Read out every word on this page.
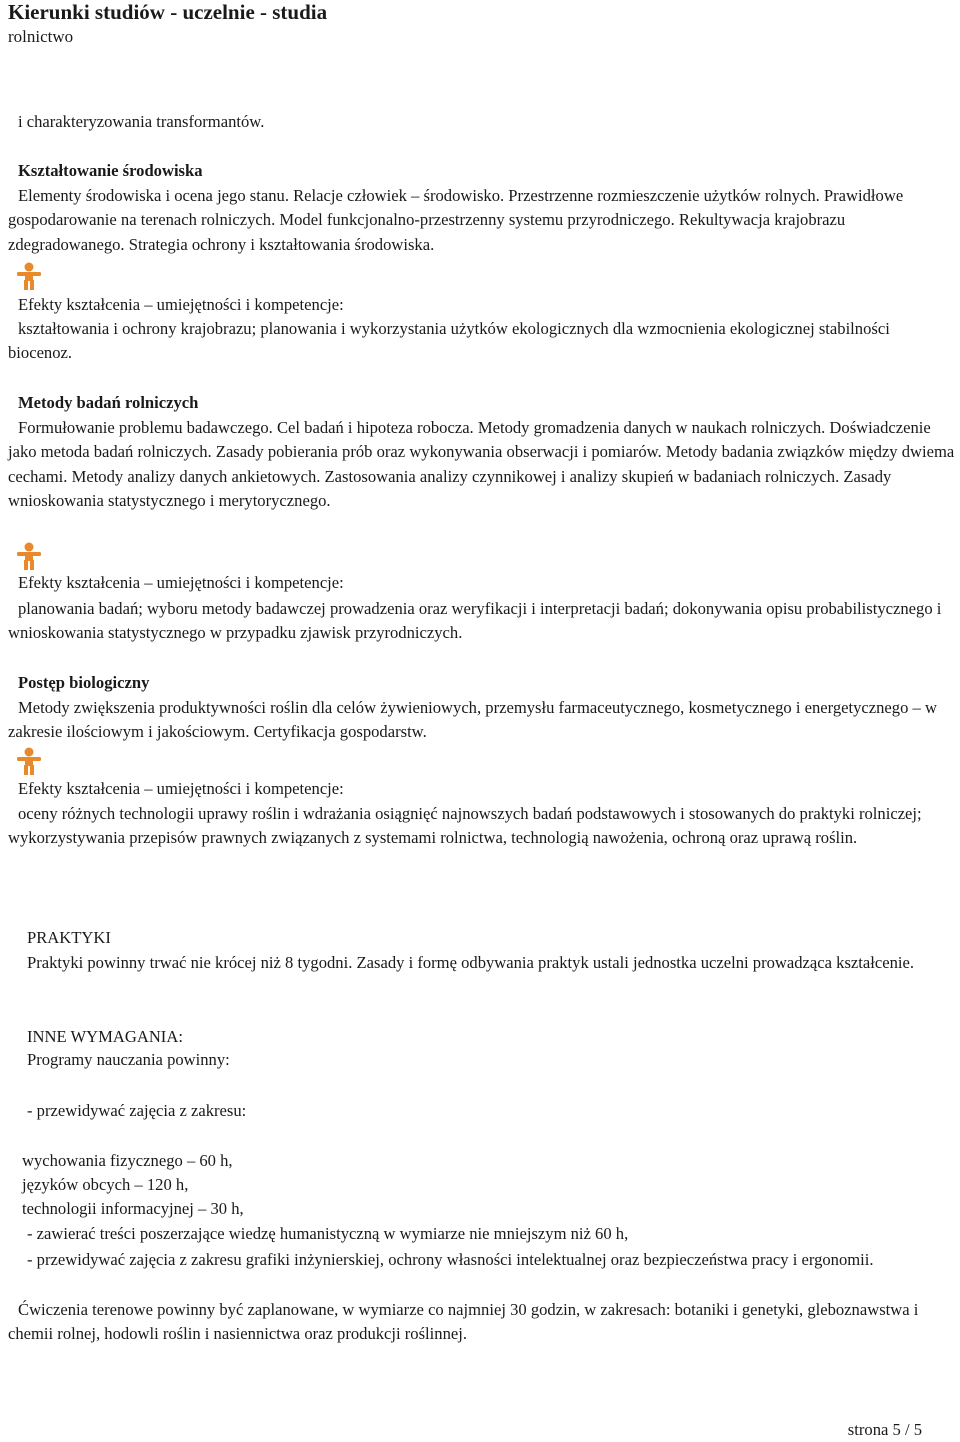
Kierunki studiów - uczelnie - studia
rolnictwo
i charakteryzowania transformantów.
Kształtowanie środowiska
Elementy środowiska i ocena jego stanu. Relacje człowiek – środowisko. Przestrzenne rozmieszczenie użytków rolnych. Prawidłowe gospodarowanie na terenach rolniczych. Model funkcjonalno-przestrzenny systemu przyrodniczego. Rekultywacja krajobrazu zdegradowanego. Strategia ochrony i kształtowania środowiska.
Efekty kształcenia – umiejętności i kompetencje:
kształtowania i ochrony krajobrazu; planowania i wykorzystania użytków ekologicznych dla wzmocnienia ekologicznej stabilności biocenoz.
Metody badań rolniczych
Formułowanie problemu badawczego. Cel badań i hipoteza robocza. Metody gromadzenia danych w naukach rolniczych. Doświadczenie jako metoda badań rolniczych. Zasady pobierania prób oraz wykonywania obserwacji i pomiarów. Metody badania związków między dwiema cechami. Metody analizy danych ankietowych. Zastosowania analizy czynnikowej i analizy skupień w badaniach rolniczych. Zasady wnioskowania statystycznego i merytorycznego.
Efekty kształcenia – umiejętności i kompetencje:
planowania badań; wyboru metody badawczej prowadzenia oraz weryfikacji i interpretacji badań; dokonywania opisu probabilistycznego i wnioskowania statystycznego w przypadku zjawisk przyrodniczych.
Postęp biologiczny
Metody zwiększenia produktywności roślin dla celów żywieniowych, przemysłu farmaceutycznego, kosmetycznego i energetycznego – w zakresie ilościowym i jakościowym. Certyfikacja gospodarstw.
Efekty kształcenia – umiejętności i kompetencje:
oceny różnych technologii uprawy roślin i wdrażania osiągnięć najnowszych badań podstawowych i stosowanych do praktyki rolniczej; wykorzystywania przepisów prawnych związanych z systemami rolnictwa, technologią nawożenia, ochroną oraz uprawą roślin.
PRAKTYKI
Praktyki powinny trwać nie krócej niż 8 tygodni. Zasady i formę odbywania praktyk ustali jednostka uczelni prowadząca kształcenie.
INNE WYMAGANIA:
Programy nauczania powinny:
- przewidywać zajęcia z zakresu:
wychowania fizycznego – 60 h,
języków obcych – 120 h,
technologii informacyjnej – 30 h,
- zawierać treści poszerzające wiedzę humanistyczną w wymiarze nie mniejszym niż 60 h,
- przewidywać zajęcia z zakresu grafiki inżynierskiej, ochrony własności intelektualnej oraz bezpieczeństwa pracy i ergonomii.
Ćwiczenia terenowe powinny być zaplanowane, w wymiarze co najmniej 30 godzin, w zakresach: botaniki i genetyki, gleboznawstwa i chemii rolnej, hodowli roślin i nasiennictwa oraz produkcji roślinnej.
strona 5 / 5
